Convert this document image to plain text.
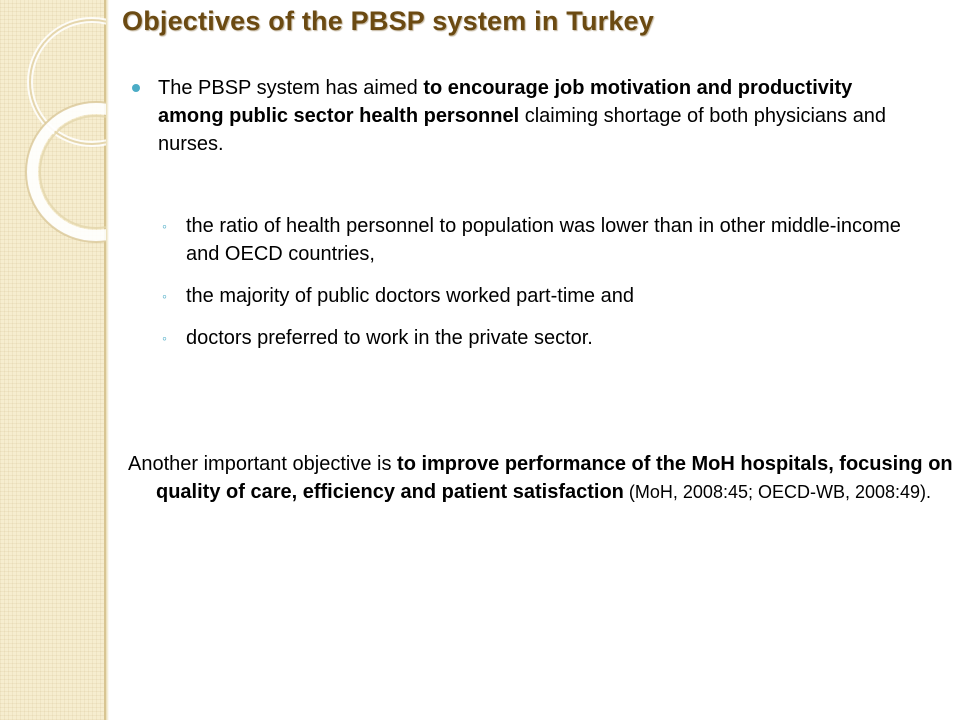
Objectives of the PBSP system in Turkey

The PBSP system has aimed to encourage job motivation and productivity among public sector health personnel claiming shortage of both physicians and nurses.

◦ the ratio of health personnel to population was lower than in other middle-income and OECD countries,
◦ the majority of public doctors worked part-time and
◦ doctors preferred to work in the private sector.

Another important objective is to improve performance of the MoH hospitals, focusing on quality of care, efficiency and patient satisfaction (MoH, 2008:45; OECD-WB, 2008:49).
